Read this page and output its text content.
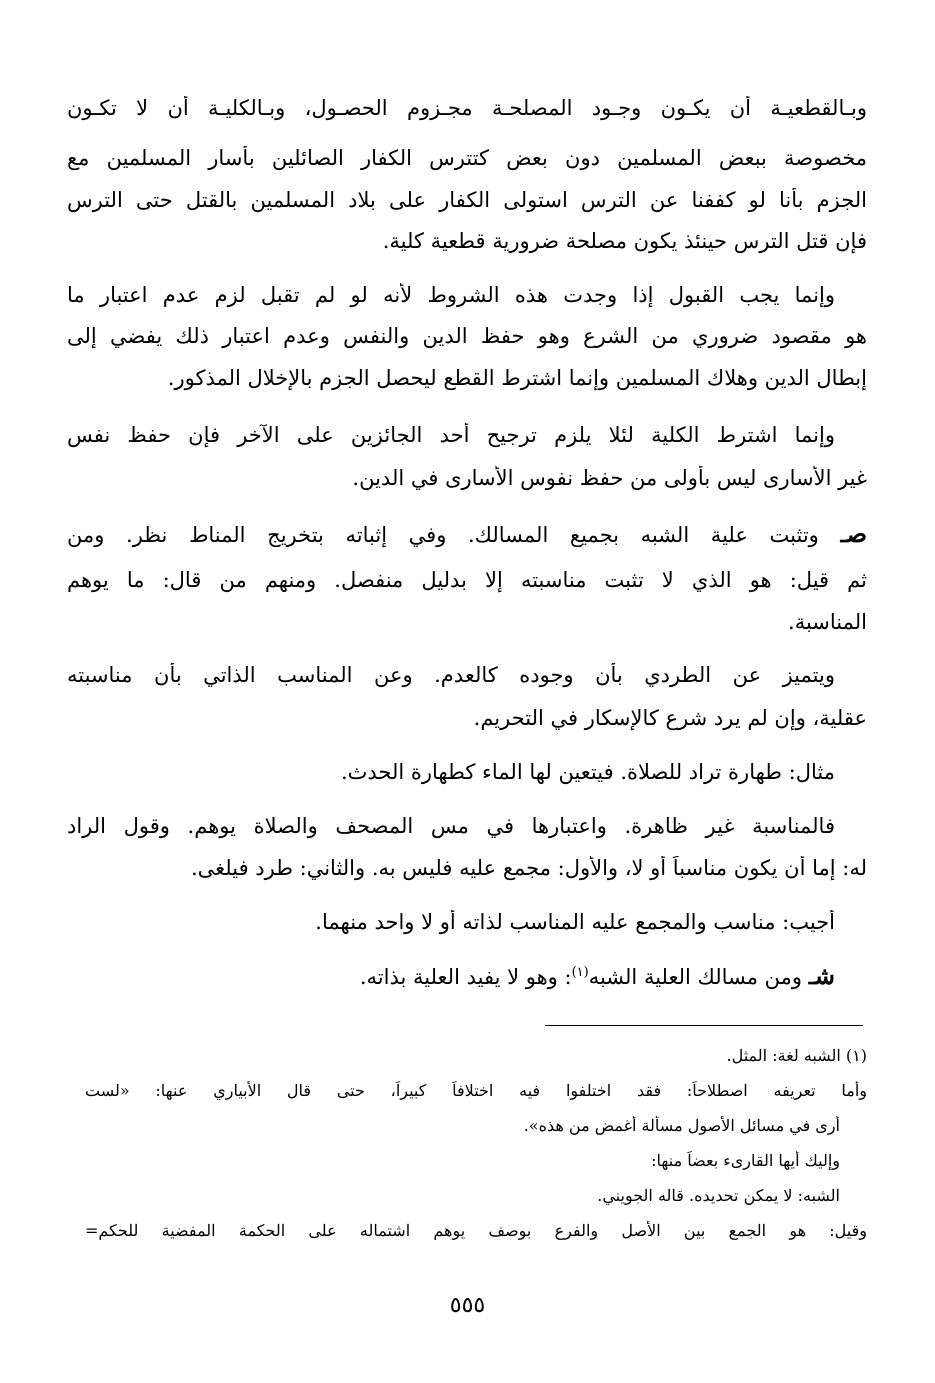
وبـالقطعيـة أن يكـون وجـود المصلحـة مجـزوم الحصـول، وبـالكليـة أن لا تكـون
مخصوصة ببعض المسلمين دون بعض كتترس الكفار الصائلين بأسار المسلمين مع
الجزم بأنا لو كففنا عن الترس استولى الكفار على بلاد المسلمين بالقتل حتى الترس
فإن قتل الترس حينئذ يكون مصلحة ضرورية قطعية كلية.
وإنما يجب القبول إذا وجدت هذه الشروط لأنه لو لم تقبل لزم عدم اعتبار ما
هو مقصود ضروري من الشرع وهو حفظ الدين والنفس وعدم اعتبار ذلك يفضي إلى
إبطال الدين وهلاك المسلمين وإنما اشترط القطع ليحصل الجزم بالإخلال المذكور.
وإنما اشترط الكلية لئلا يلزم ترجيح أحد الجائزين على الآخر فإن حفظ نفس
غير الأسارى ليس بأولى من حفظ نفوس الأسارى في الدين.
صـ وتثبت علية الشبه بجميع المسالك. وفي إثباته بتخريج المناط نظر. ومن
ثم قيل: هو الذي لا تثبت مناسبته إلا بدليل منفصل. ومنهم من قال: ما يوهم
المناسبة.
ويتميز عن الطردي بأن وجوده كالعدم. وعن المناسب الذاتي بأن مناسبته
عقلية، وإن لم يرد شرع كالإسكار في التحريم.
مثال: طهارة تراد للصلاة. فيتعين لها الماء كطهارة الحدث.
فالمناسبة غير ظاهرة. واعتبارها في مس المصحف والصلاة يوهم. وقول الراد
له: إما أن يكون مناسباً أو لا، والأول: مجمع عليه فليس به. والثاني: طرد فيلغى.
أجيب: مناسب والمجمع عليه المناسب لذاته أو لا واحد منهما.
شـ ومن مسالك العلية الشبه$^{(١)}$: وهو لا يفيد العلية بذاته.
(١) الشبه لغة: المثل.
وأما تعريفه اصطلاحاً: فقد اختلفوا فيه اختلافاً كبيراً، حتى قال الأبياري عنها: «لست
أرى في مسائل الأصول مسألة أغمض من هذه».
وإليك أيها القارىء بعضاً منها:
الشبه: لا يمكن تحديده. قاله الجويني.
وقيل: هو الجمع بين الأصل والفرع بوصف يوهم اشتماله على الحكمة المفضية للحكم=
٥٥٥
